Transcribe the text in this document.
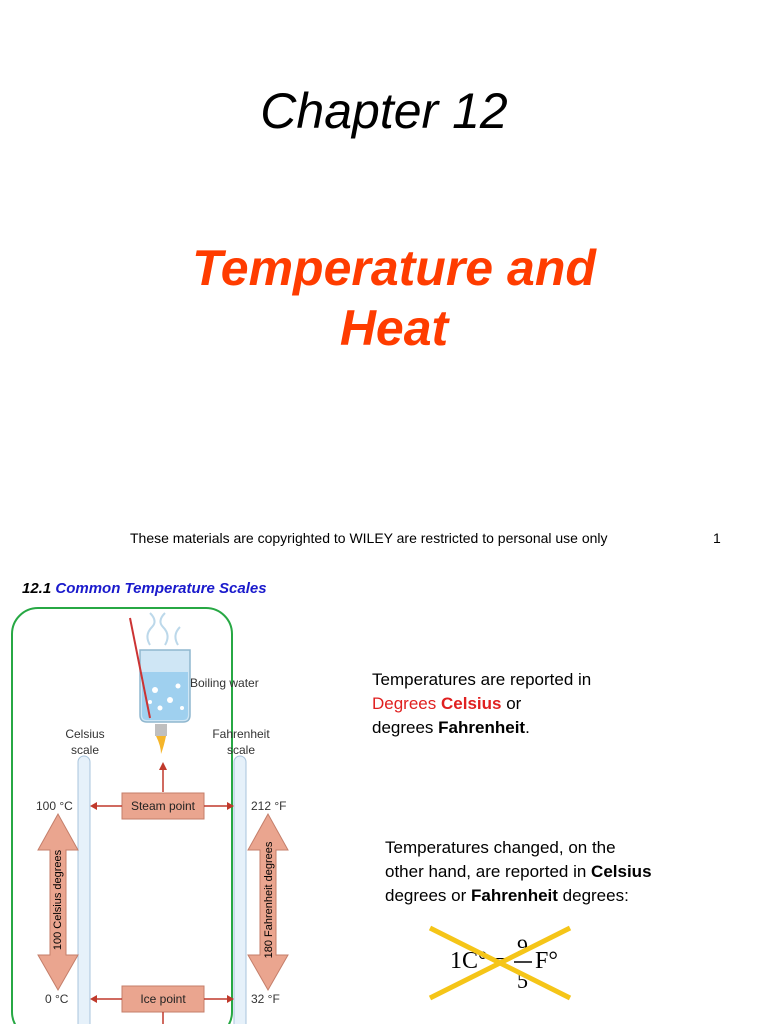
Chapter 12
Temperature and
Heat
These materials are copyrighted to WILEY are restricted to personal use only	1
12.1 Common Temperature Scales
Boiling water
Celsius
scale
Fahrenheit
scale
Steam point
Ice point
100 °C	212 °F
0 °C	32 °F
100 Celsius degrees	180 Fahrenheit degrees
Temperatures are reported in
Degrees Celsius or
degrees Fahrenheit.
Temperatures changed, on the
other hand, are reported in Celsius
degrees or Fahrenheit degrees:
1C°
9
5
F°
